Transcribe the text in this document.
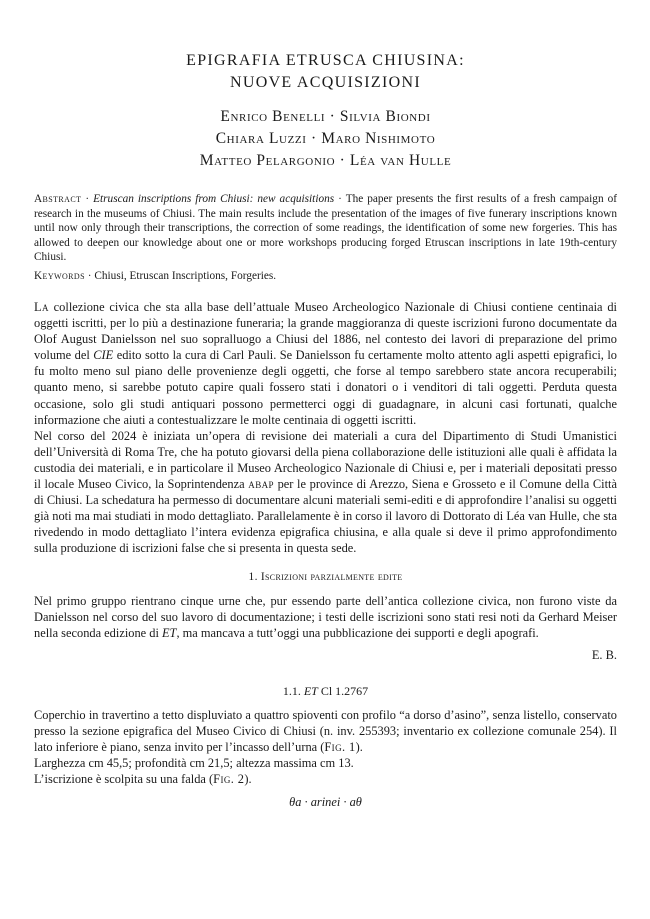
EPIGRAFIA ETRUSCA CHIUSINA:
NUOVE ACQUISIZIONI
Enrico Benelli · Silvia Biondi
Chiara Luzzi · Maro Nishimoto
Matteo Pelargonio · Léa van Hulle
Abstract · Etruscan inscriptions from Chiusi: new acquisitions · The paper presents the first results of a fresh campaign of research in the museums of Chiusi. The main results include the presentation of the images of five funerary inscriptions known until now only through their transcriptions, the correction of some readings, the identification of some new forgeries. This has allowed to deepen our knowledge about one or more workshops producing forged Etruscan inscriptions in late 19th-century Chiusi.
Keywords · Chiusi, Etruscan Inscriptions, Forgeries.

La collezione civica che sta alla base dell’attuale Museo Archeologico Nazionale di Chiusi contiene centinaia di oggetti iscritti, per lo più a destinazione funeraria; la grande maggioranza di queste iscrizioni furono documentate da Olof August Danielsson nel suo sopralluogo a Chiusi del 1886, nel contesto dei lavori di preparazione del primo volume del CIE edito sotto la cura di Carl Pauli. Se Danielsson fu certamente molto attento agli aspetti epigrafici, lo fu molto meno sul piano delle provenienze degli oggetti, che forse al tempo sarebbero state ancora recuperabili; quanto meno, si sarebbe potuto capire quali fossero stati i donatori o i venditori di tali oggetti. Perduta questa occasione, solo gli studi antiquari possono permetterci oggi di guadagnare, in alcuni casi fortunati, qualche informazione che aiuti a contestualizzare le molte centinaia di oggetti iscritti.

Nel corso del 2024 è iniziata un’opera di revisione dei materiali a cura del Dipartimento di Studi Umanistici dell’Università di Roma Tre, che ha potuto giovarsi della piena collaborazione delle istituzioni alle quali è affidata la custodia dei materiali, e in particolare il Museo Archeologico Nazionale di Chiusi e, per i materiali depositati presso il locale Museo Civico, la Soprintendenza abap per le province di Arezzo, Siena e Grosseto e il Comune della Città di Chiusi. La schedatura ha permesso di documentare alcuni materiali semi-editi e di approfondire l’analisi su oggetti già noti ma mai studiati in modo dettagliato. Parallelamente è in corso il lavoro di Dottorato di Léa van Hulle, che sta rivedendo in modo dettagliato l’intera evidenza epigrafica chiusina, e alla quale si deve il primo approfondimento sulla produzione di iscrizioni false che si presenta in questa sede.

1. Iscrizioni parzialmente edite

Nel primo gruppo rientrano cinque urne che, pur essendo parte dell’antica collezione civica, non furono viste da Danielsson nel corso del suo lavoro di documentazione; i testi delle iscrizioni sono stati resi noti da Gerhard Meiser nella seconda edizione di ET, ma mancava a tutt’oggi una pubblicazione dei supporti e degli apografi.

E. B.
1.1. ET Cl 1.2767

Coperchio in travertino a tetto displuviato a quattro spioventi con profilo “a dorso d’asino”, senza listello, conservato presso la sezione epigrafica del Museo Civico di Chiusi (n. inv. 255393; inventario ex collezione comunale 254). Il lato inferiore è piano, senza invito per l’incasso dell’urna (Fig. 1).

Larghezza cm 45,5; profondità cm 21,5; altezza massima cm 13.

L’iscrizione è scolpita su una falda (Fig. 2).

θa · arinei · aθ
